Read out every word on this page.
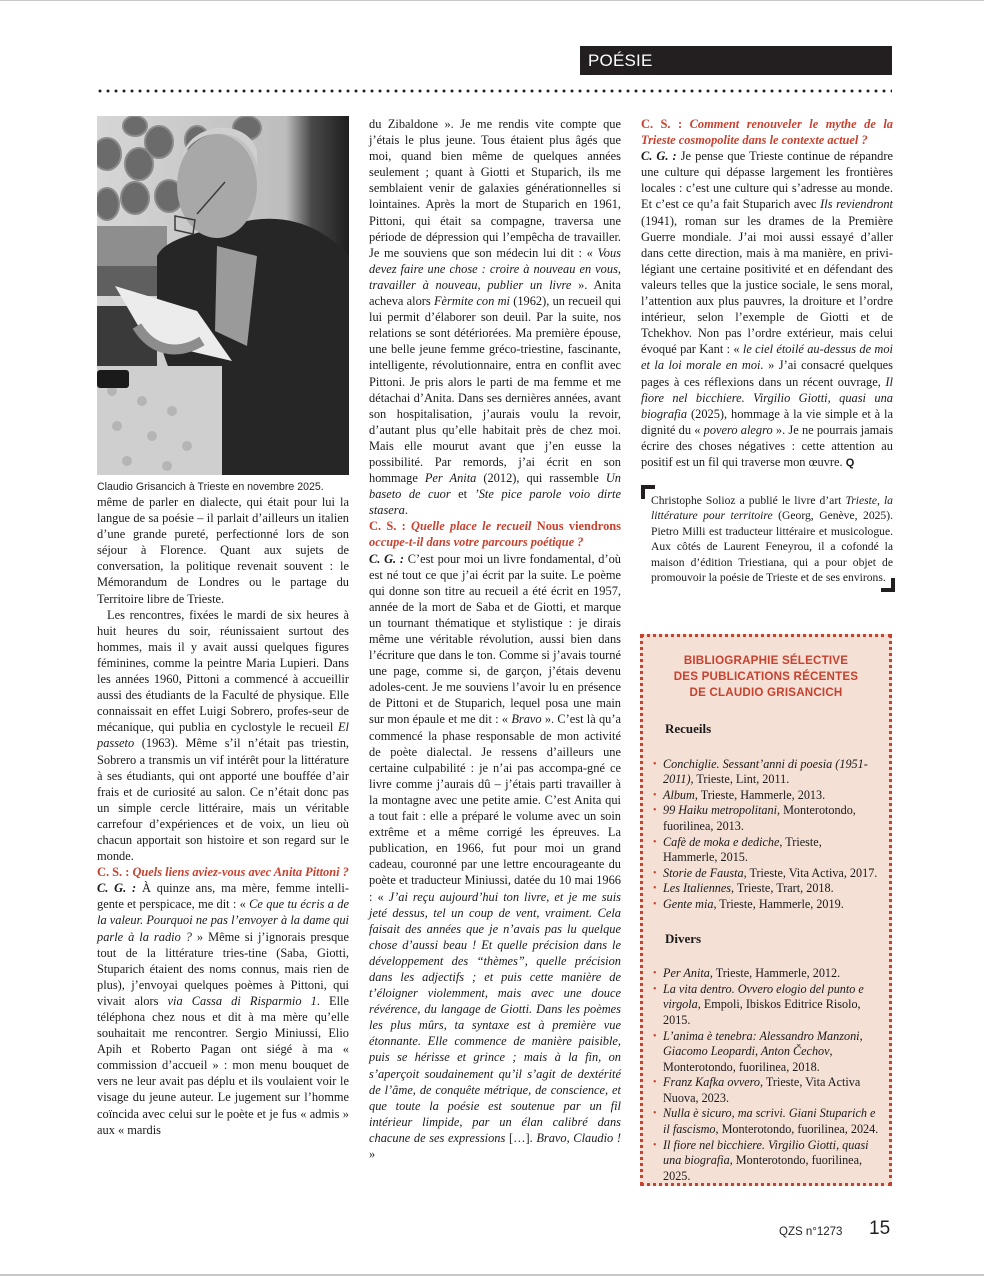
POÉSIE
Claudio Grisancich à Trieste en novembre 2025.

même de parler en dialecte, qui était pour lui la langue de sa poésie – il parlait d’ailleurs un italien d’une grande pureté, perfectionné lors de son séjour à Florence. Quant aux sujets de conversation, la politique revenait souvent : le Mémorandum de Londres ou le partage du Territoire libre de Trieste.

Les rencontres, fixées le mardi de six heures à huit heures du soir, réunissaient surtout des hommes, mais il y avait aussi quelques figures féminines, comme la peintre Maria Lupieri. Dans les années 1960, Pittoni a commencé à accueillir aussi des étudiants de la Faculté de physique. Elle connaissait en effet Luigi Sobrero, profes-seur de mécanique, qui publia en cyclostyle le recueil El passeto (1963). Même s’il n’était pas triestin, Sobrero a transmis un vif intérêt pour la littérature à ses étudiants, qui ont apporté une bouffée d’air frais et de curiosité au salon. Ce n’était donc pas un simple cercle littéraire, mais un véritable carrefour d’expériences et de voix, un lieu où chacun apportait son histoire et son regard sur le monde.

C. S. : Quels liens aviez-vous avec Anita Pittoni ?

C. G. : À quinze ans, ma mère, femme intelli-gente et perspicace, me dit : « Ce que tu écris a de la valeur. Pourquoi ne pas l’envoyer à la dame qui parle à la radio ? » Même si j’ignorais presque tout de la littérature tries-tine (Saba, Giotti, Stuparich étaient des noms connus, mais rien de plus), j’envoyai quelques poèmes à Pittoni, qui vivait alors via Cassa di Risparmio 1. Elle téléphona chez nous et dit à ma mère qu’elle souhaitait me rencontrer. Sergio Miniussi, Elio Apih et Roberto Pagan ont siégé à ma « commission d’accueil » : mon menu bouquet de vers ne leur avait pas déplu et ils voulaient voir le visage du jeune auteur. Le jugement sur l’homme coïncida avec celui sur le poète et je fus « admis » aux « mardis

du Zibaldone ». Je me rendis vite compte que j’étais le plus jeune. Tous étaient plus âgés que moi, quand bien même de quelques années seulement ; quant à Giotti et Stuparich, ils me semblaient venir de galaxies générationnelles si lointaines. Après la mort de Stuparich en 1961, Pittoni, qui était sa compagne, traversa une période de dépression qui l’empêcha de travailler. Je me souviens que son médecin lui dit : « Vous devez faire une chose : croire à nouveau en vous, travailler à nouveau, publier un livre ». Anita acheva alors Fèrmite con mi (1962), un recueil qui lui permit d’élaborer son deuil. Par la suite, nos relations se sont détériorées. Ma première épouse, une belle jeune femme gréco-triestine, fascinante, intelligente, révolutionnaire, entra en conflit avec Pittoni. Je pris alors le parti de ma femme et me détachai d’Anita. Dans ses dernières années, avant son hospitalisation, j’aurais voulu la revoir, d’autant plus qu’elle habitait près de chez moi. Mais elle mourut avant que j’en eusse la possibilité. Par remords, j’ai écrit en son hommage Per Anita (2012), qui rassemble Un baseto de cuor et ’Ste pice parole voio dirte stasera.

C. S. : Quelle place le recueil Nous viendrons occupe-t-il dans votre parcours poétique ?

C. G. : C’est pour moi un livre fondamental, d’où est né tout ce que j’ai écrit par la suite. Le poème qui donne son titre au recueil a été écrit en 1957, année de la mort de Saba et de Giotti, et marque un tournant thématique et stylistique : je dirais même une véritable révolution, aussi bien dans l’écriture que dans le ton. Comme si j’avais tourné une page, comme si, de garçon, j’étais devenu adoles-cent. Je me souviens l’avoir lu en présence de Pittoni et de Stuparich, lequel posa une main sur mon épaule et me dit : « Bravo ». C’est là qu’a commencé la phase responsable de mon activité de poète dialectal. Je ressens d’ailleurs une certaine culpabilité : je n’ai pas accompa-gné ce livre comme j’aurais dû – j’étais parti travailler à la montagne avec une petite amie. C’est Anita qui a tout fait : elle a préparé le volume avec un soin extrême et a même corrigé les épreuves. La publication, en 1966, fut pour moi un grand cadeau, couronné par une lettre encourageante du poète et traducteur Miniussi, datée du 10 mai 1966 : « J’ai reçu aujourd’hui ton livre, et je me suis jeté dessus, tel un coup de vent, vraiment. Cela faisait des années que je n’avais pas lu quelque chose d’aussi beau ! Et quelle précision dans le développement des “thèmes”, quelle précision dans les adjectifs ; et puis cette manière de t’éloigner violemment, mais avec une douce révérence, du langage de Giotti. Dans les poèmes les plus mûrs, ta syntaxe est à première vue étonnante. Elle commence de manière paisible, puis se hérisse et grince ; mais à la fin, on s’aperçoit soudainement qu’il s’agit de dextérité de l’âme, de conquête métrique, de conscience, et que toute la poésie est soutenue par un fil intérieur limpide, par un élan calibré dans chacune de ses expressions […]. Bravo, Claudio ! »

C. S. : Comment renouveler le mythe de la Trieste cosmopolite dans le contexte actuel ?

C. G. : Je pense que Trieste continue de répandre une culture qui dépasse largement les frontières locales : c’est une culture qui s’adresse au monde. Et c’est ce qu’a fait Stuparich avec Ils reviendront (1941), roman sur les drames de la Première Guerre mondiale. J’ai moi aussi essayé d’aller dans cette direction, mais à ma manière, en privi-légiant une certaine positivité et en défendant des valeurs telles que la justice sociale, le sens moral, l’attention aux plus pauvres, la droiture et l’ordre intérieur, selon l’exemple de Giotti et de Tchekhov. Non pas l’ordre extérieur, mais celui évoqué par Kant : « le ciel étoilé au-dessus de moi et la loi morale en moi. » J’ai consacré quelques pages à ces réflexions dans un récent ouvrage, Il fiore nel bicchiere. Virgilio Giotti, quasi una biografia (2025), hommage à la vie simple et à la dignité du « povero alegro ». Je ne pourrais jamais écrire des choses négatives : cette attention au positif est un fil qui traverse mon œuvre. Q

Christophe Solioz a publié le livre d’art Trieste, la littérature pour territoire (Georg, Genève, 2025). Pietro Milli est traducteur littéraire et musicologue. Aux côtés de Laurent Feneyrou, il a cofondé la maison d’édition Triestiana, qui a pour objet de promouvoir la poésie de Trieste et de ses environs.

BIBLIOGRAPHIE SÉLECTIVE
DES PUBLICATIONS RÉCENTES
DE CLAUDIO GRISANCICH
Recueils
• Conchiglie. Sessant’anni di poesia (1951-2011), Trieste, Lint, 2011.
• Album, Trieste, Hammerle, 2013.
• 99 Haiku metropolitani, Monterotondo, fuorilinea, 2013.
• Cafè de moka e dediche, Trieste, Hammerle, 2015.
• Storie de Fausta, Trieste, Vita Activa, 2017.
• Les Italiennes, Trieste, Trart, 2018.
• Gente mia, Trieste, Hammerle, 2019.
Divers
• Per Anita, Trieste, Hammerle, 2012.
• La vita dentro. Ovvero elogio del punto e virgola, Empoli, Ibiskos Editrice Risolo, 2015.
• L’anima è tenebra: Alessandro Manzoni, Giacomo Leopardi, Anton Čechov, Monterotondo, fuorilinea, 2018.
• Franz Kafka ovvero, Trieste, Vita Activa Nuova, 2023.
• Nulla è sicuro, ma scrivi. Giani Stuparich e il fascismo, Monterotondo, fuorilinea, 2024.
• Il fiore nel bicchiere. Virgilio Giotti, quasi una biografia, Monterotondo, fuorilinea, 2025.
QZS n°1273 15
